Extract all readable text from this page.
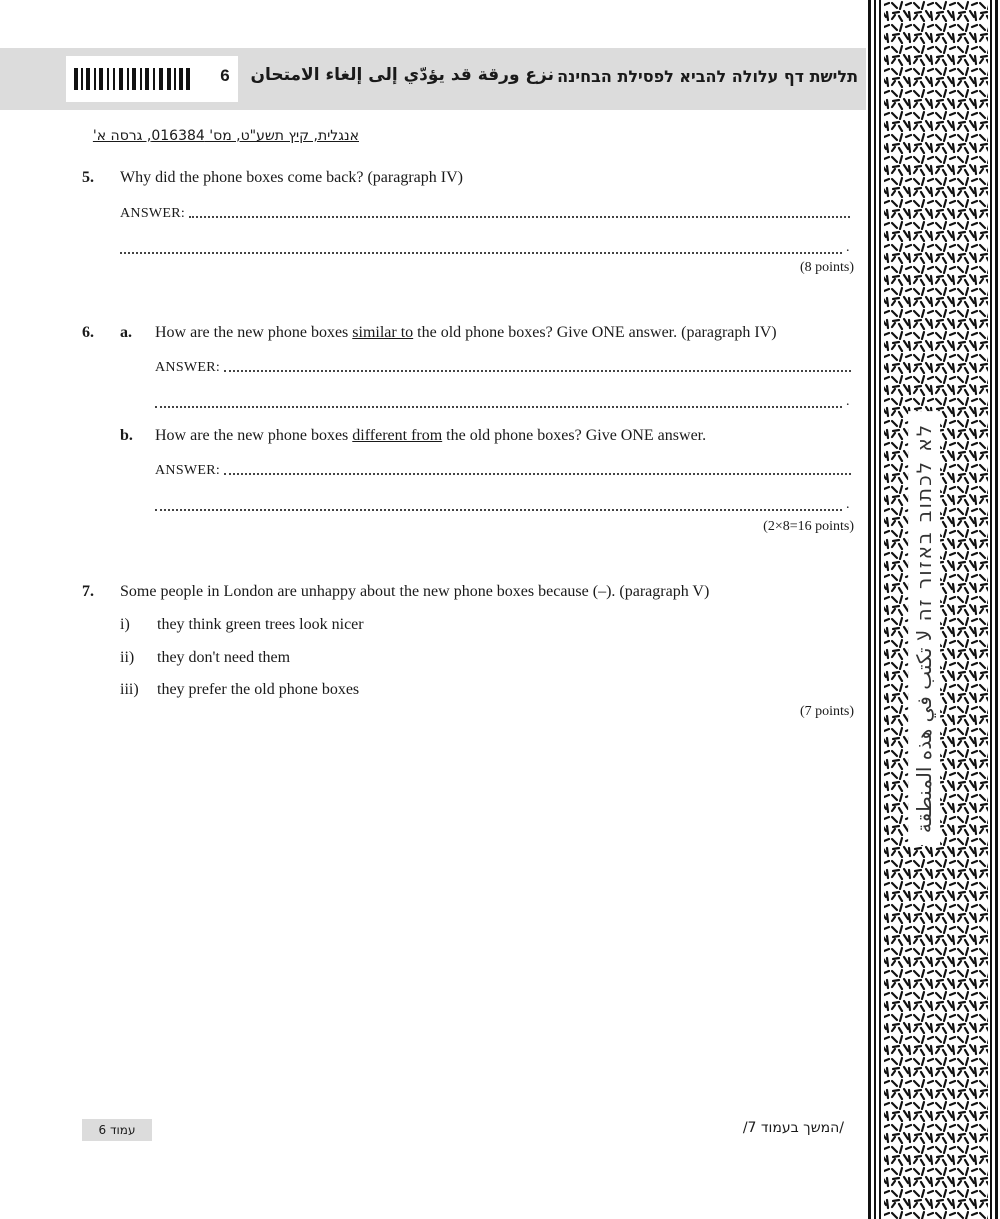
6	نزع ورقة قد يؤدّي إلى إلغاء الامتحان תלישת דף עלולה להביא לפסילת הבחינה
אנגלית, קיץ תשע"ט, מס' 016384, גרסה א'
5. Why did the phone boxes come back? (paragraph IV)
ANSWER:
.
(8 points)
6. a. How are the new phone boxes similar to the old phone boxes? Give ONE answer. (paragraph IV)
ANSWER:
.
b. How are the new phone boxes different from the old phone boxes? Give ONE answer.
ANSWER:
.
(2×8=16 points)
7. Some people in London are unhappy about the new phone boxes because (–). (paragraph V)
i) they think green trees look nicer
ii) they don't need them
iii) they prefer the old phone boxes
(7 points)
עמוד 6	/המשך בעמוד 7/
לא לכתוב באזור זה لا تكتب في هذه المنطقة
